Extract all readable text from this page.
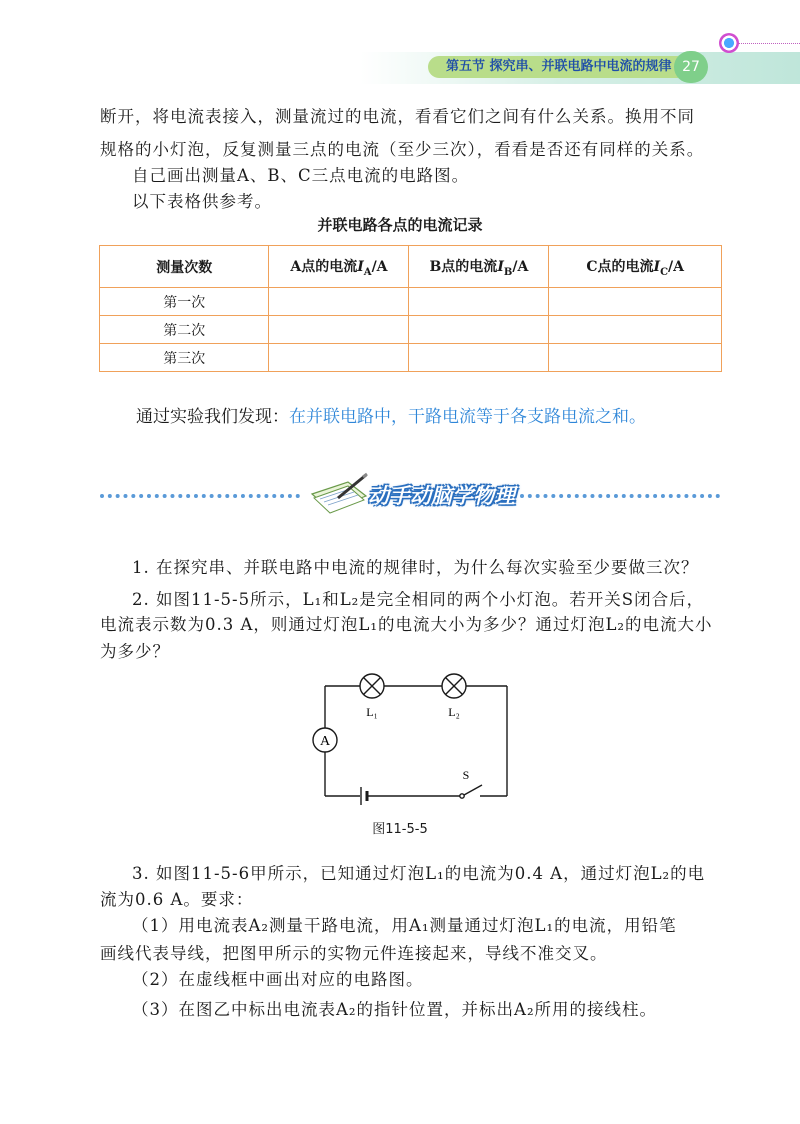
第五节 探究串、并联电路中电流的规律 27

断开，将电流表接入，测量流过的电流，看看它们之间有什么关系。换用不同

规格的小灯泡，反复测量三点的电流（至少三次），看看是否还有同样的关系。

自己画出测量A、B、C三点电流的电路图。

以下表格供参考。

并联电路各点的电流记录
测量次数	A点的电流$I_A/A$	B点的电流$I_B/A$	C点的电流$I_C/A$
第一次			
第二次			
第三次			
通过实验我们发现：在并联电路中，干路电流等于各支路电流之和。
动手动脑学物理

1. 在探究串、并联电路中电流的规律时，为什么每次实验至少要做三次？

2. 如图11-5-5所示，L₁和L₂是完全相同的两个小灯泡。若开关S闭合后，

电流表示数为0.3 A，则通过灯泡L₁的电流大小为多少？通过灯泡L₂的电流大小

为多少？

A
L₁	L₂
S
图11-5-5

3. 如图11-5-6甲所示，已知通过灯泡L₁的电流为0.4 A，通过灯泡L₂的电

流为0.6 A。要求：

（1）用电流表A₂测量干路电流，用A₁测量通过灯泡L₁的电流，用铅笔

画线代表导线，把图甲所示的实物元件连接起来，导线不准交叉。

（2）在虚线框中画出对应的电路图。

（3）在图乙中标出电流表A₂的指针位置，并标出A₂所用的接线柱。
